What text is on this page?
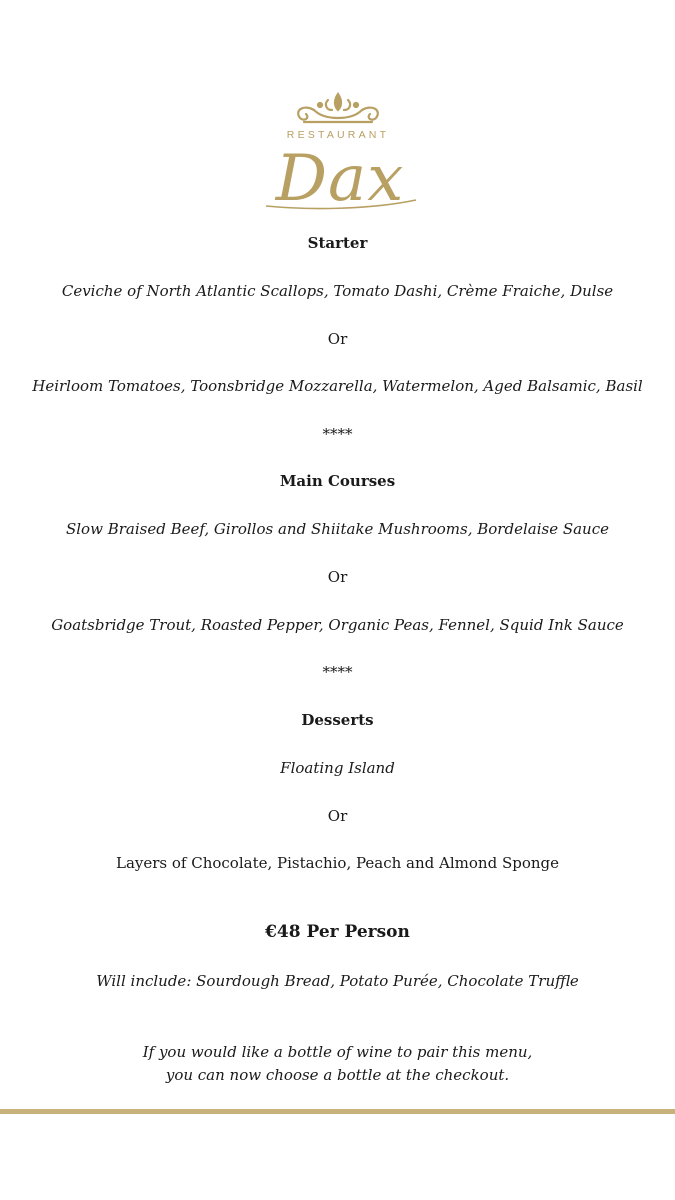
RESTAURANT
Dax
Starter
Ceviche of North Atlantic Scallops, Tomato Dashi, Crème Fraiche, Dulse
Or
Heirloom Tomatoes, Toonsbridge Mozzarella, Watermelon, Aged Balsamic, Basil
****
Main Courses
Slow Braised Beef, Girollos and Shiitake Mushrooms, Bordelaise Sauce
Or
Goatsbridge Trout, Roasted Pepper, Organic Peas, Fennel, Squid Ink Sauce
****
Desserts
Floating Island
Or
Layers of Chocolate, Pistachio, Peach and Almond Sponge
€48 Per Person
Will include: Sourdough Bread, Potato Purée, Chocolate Truffle
If you would like a bottle of wine to pair this menu,
you can now choose a bottle at the checkout.
